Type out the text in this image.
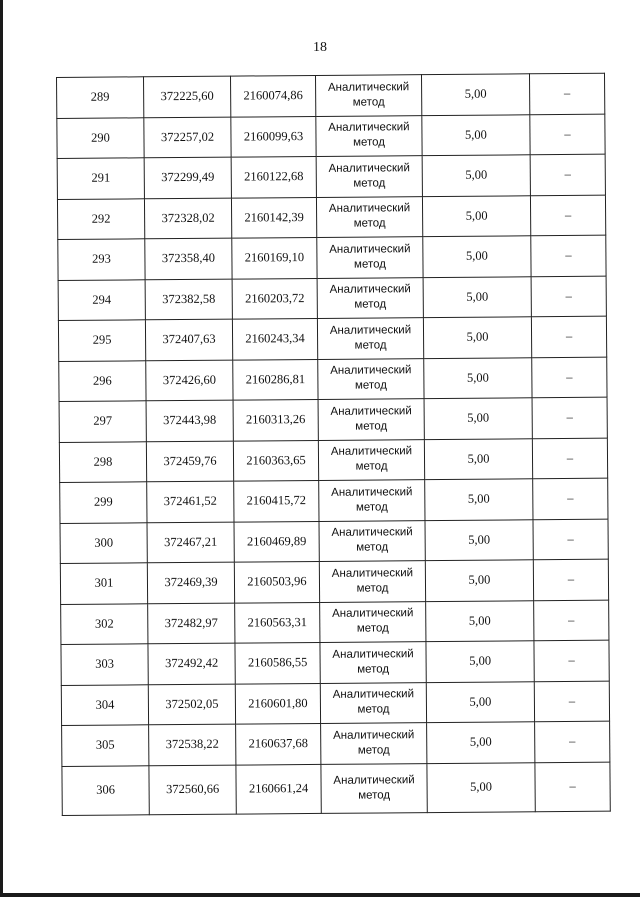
18
289	372225,60	2160074,86	Аналитический
метод	5,00	–
290	372257,02	2160099,63	Аналитический
метод	5,00	–
291	372299,49	2160122,68	Аналитический
метод	5,00	–
292	372328,02	2160142,39	Аналитический
метод	5,00	–
293	372358,40	2160169,10	Аналитический
метод	5,00	–
294	372382,58	2160203,72	Аналитический
метод	5,00	–
295	372407,63	2160243,34	Аналитический
метод	5,00	–
296	372426,60	2160286,81	Аналитический
метод	5,00	–
297	372443,98	2160313,26	Аналитический
метод	5,00	–
298	372459,76	2160363,65	Аналитический
метод	5,00	–
299	372461,52	2160415,72	Аналитический
метод	5,00	–
300	372467,21	2160469,89	Аналитический
метод	5,00	–
301	372469,39	2160503,96	Аналитический
метод	5,00	–
302	372482,97	2160563,31	Аналитический
метод	5,00	–
303	372492,42	2160586,55	Аналитический
метод	5,00	–
304	372502,05	2160601,80	Аналитический
метод	5,00	–
305	372538,22	2160637,68	Аналитический
метод	5,00	–
306	372560,66	2160661,24	Аналитический
метод	5,00	–
